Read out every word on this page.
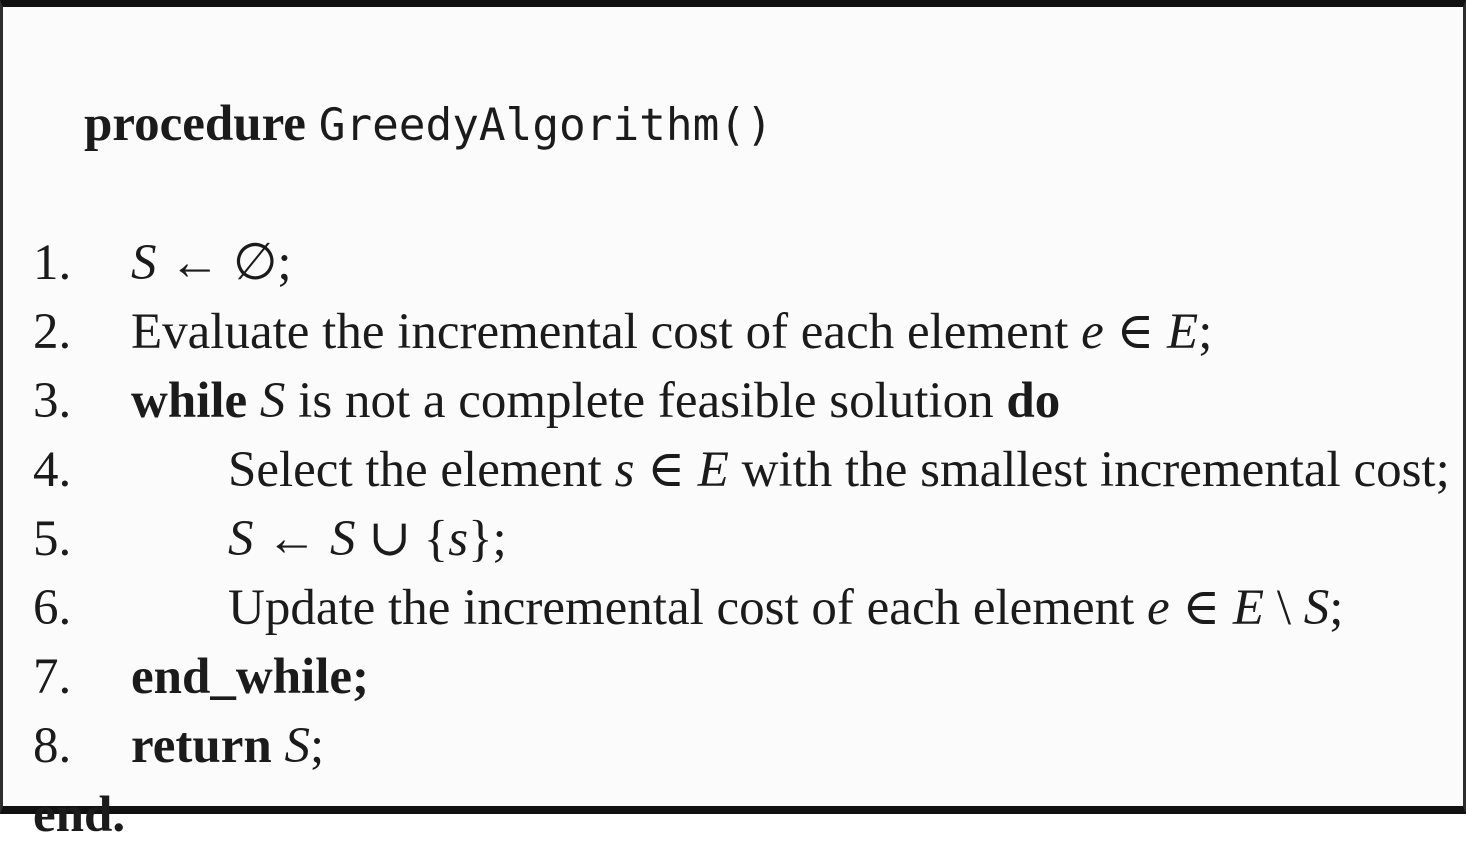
procedure GreedyAlgorithm()

1.	S ← ∅;
2.	Evaluate the incremental cost of each element e ∈ E;
3.	while S is not a complete feasible solution do
4.	Select the element s ∈ E with the smallest incremental cost;
5.	S ← S ∪ {s};
6.	Update the incremental cost of each element e ∈ E \ S;
7.	end_while;
8.	return S;
end.
